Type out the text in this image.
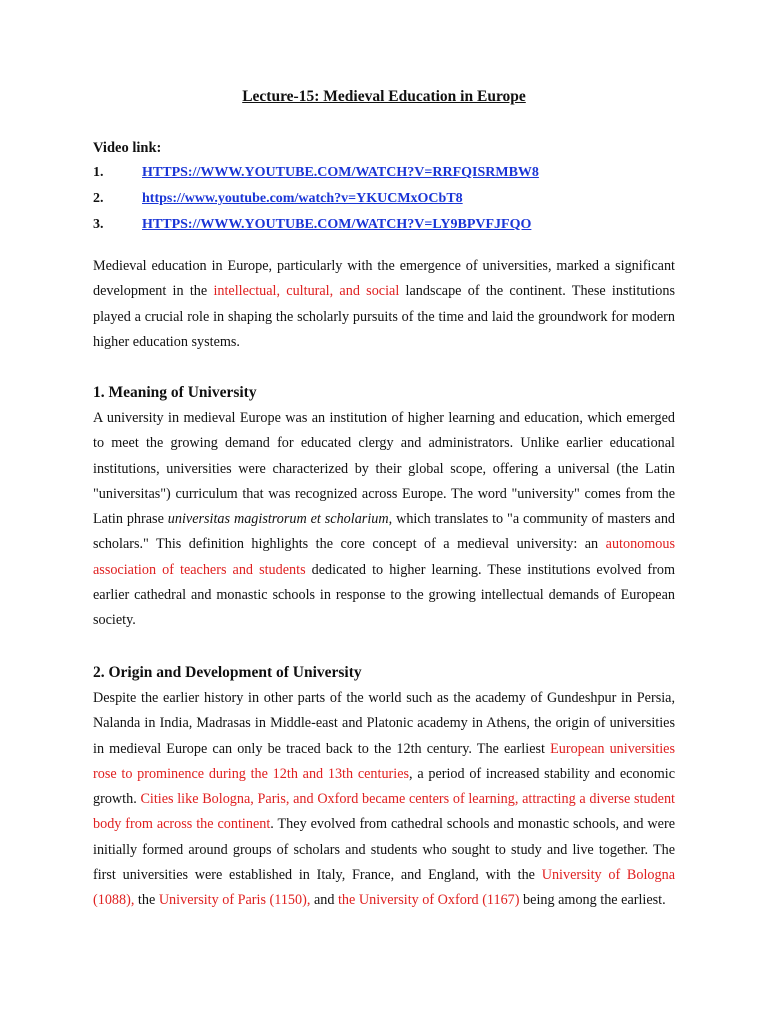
Lecture-15: Medieval Education in Europe
Video link:
1.	HTTPS://WWW.YOUTUBE.COM/WATCH?V=RRFQISRMBW8
2.	https://www.youtube.com/watch?v=YKUCMxOCbT8
3.	HTTPS://WWW.YOUTUBE.COM/WATCH?V=LY9BPVFJFQO

Medieval education in Europe, particularly with the emergence of universities, marked a significant development in the intellectual, cultural, and social landscape of the continent. These institutions played a crucial role in shaping the scholarly pursuits of the time and laid the groundwork for modern higher education systems.

1. Meaning of University

A university in medieval Europe was an institution of higher learning and education, which emerged to meet the growing demand for educated clergy and administrators. Unlike earlier educational institutions, universities were characterized by their global scope, offering a universal (the Latin "universitas") curriculum that was recognized across Europe. The word "university" comes from the Latin phrase universitas magistrorum et scholarium, which translates to "a community of masters and scholars." This definition highlights the core concept of a medieval university: an autonomous association of teachers and students dedicated to higher learning. These institutions evolved from earlier cathedral and monastic schools in response to the growing intellectual demands of European society.

2. Origin and Development of University

Despite the earlier history in other parts of the world such as the academy of Gundeshpur in Persia, Nalanda in India, Madrasas in Middle-east and Platonic academy in Athens, the origin of universities in medieval Europe can only be traced back to the 12th century. The earliest European universities rose to prominence during the 12th and 13th centuries, a period of increased stability and economic growth. Cities like Bologna, Paris, and Oxford became centers of learning, attracting a diverse student body from across the continent. They evolved from cathedral schools and monastic schools, and were initially formed around groups of scholars and students who sought to study and live together. The first universities were established in Italy, France, and England, with the University of Bologna (1088), the University of Paris (1150), and the University of Oxford (1167) being among the earliest.
